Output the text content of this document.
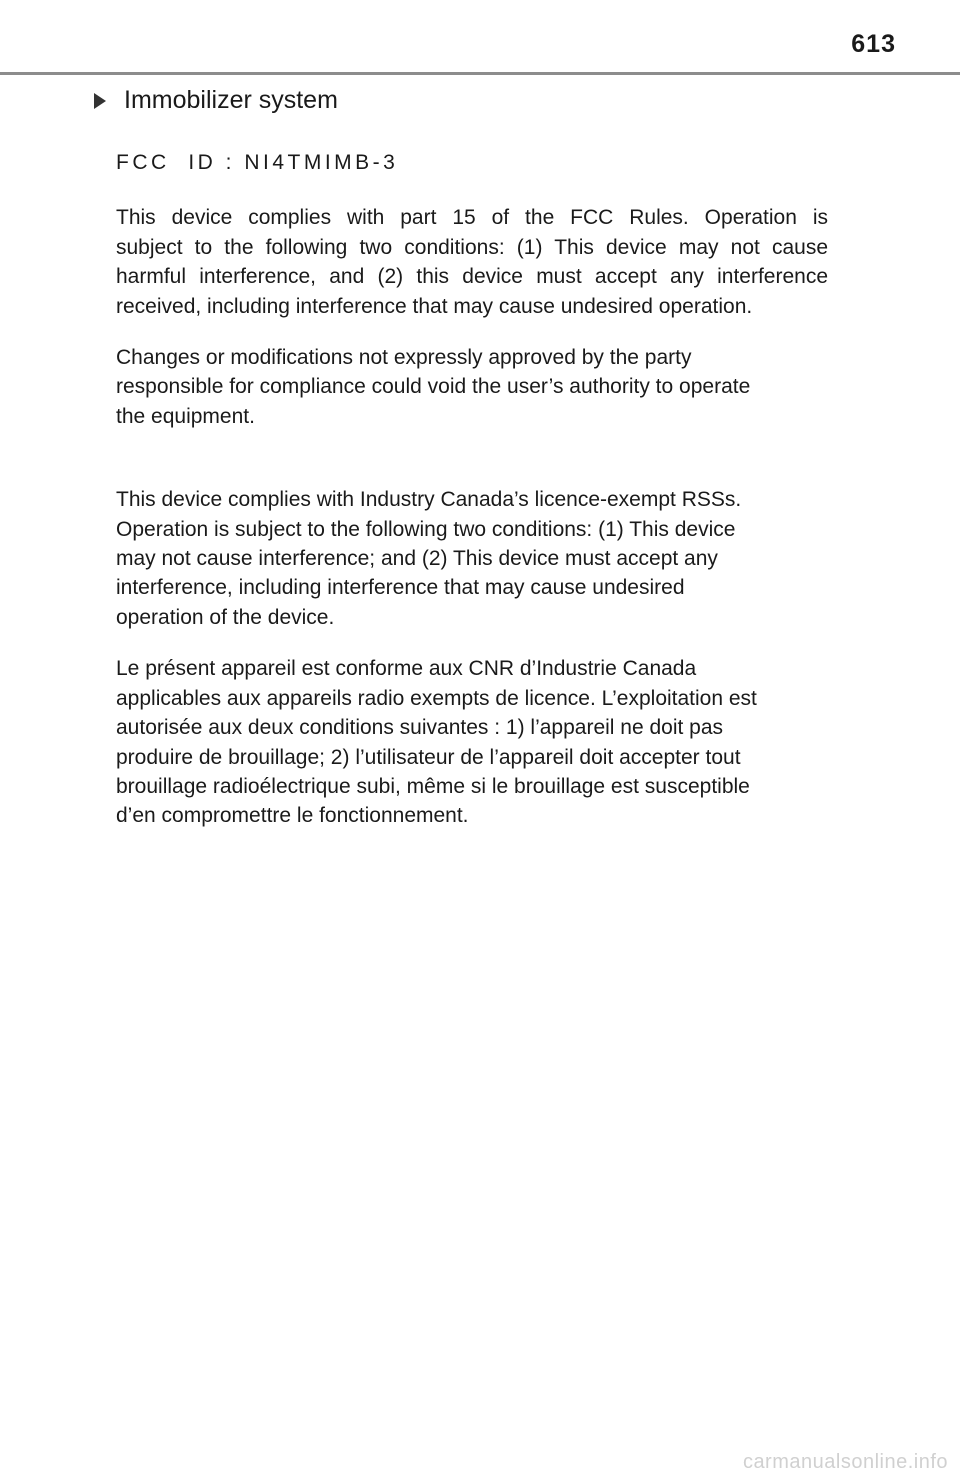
613
Immobilizer system
FCC  ID : NI4TMIMB-3
This device complies with part 15 of the FCC Rules. Operation is
subject to the following two conditions: (1) This device may not cause
harmful interference, and (2) this device must accept any interference
received, including interference that may cause undesired operation.
Changes or modifications not expressly approved by the party
responsible for compliance could void the user’s authority to operate
the equipment.
This device complies with Industry Canada’s licence-exempt RSSs.
Operation is subject to the following two conditions: (1) This device
may not cause interference; and (2) This device must accept any
interference, including interference that may cause undesired
operation of the device.
Le présent appareil est conforme aux CNR d’Industrie Canada
applicables aux appareils radio exempts de licence. L’exploitation est
autorisée aux deux conditions suivantes : 1) l’appareil ne doit pas
produire de brouillage; 2) l’utilisateur de l’appareil doit accepter tout
brouillage radioélectrique subi, même si le brouillage est susceptible
d’en compromettre le fonctionnement.
carmanualsonline.info
